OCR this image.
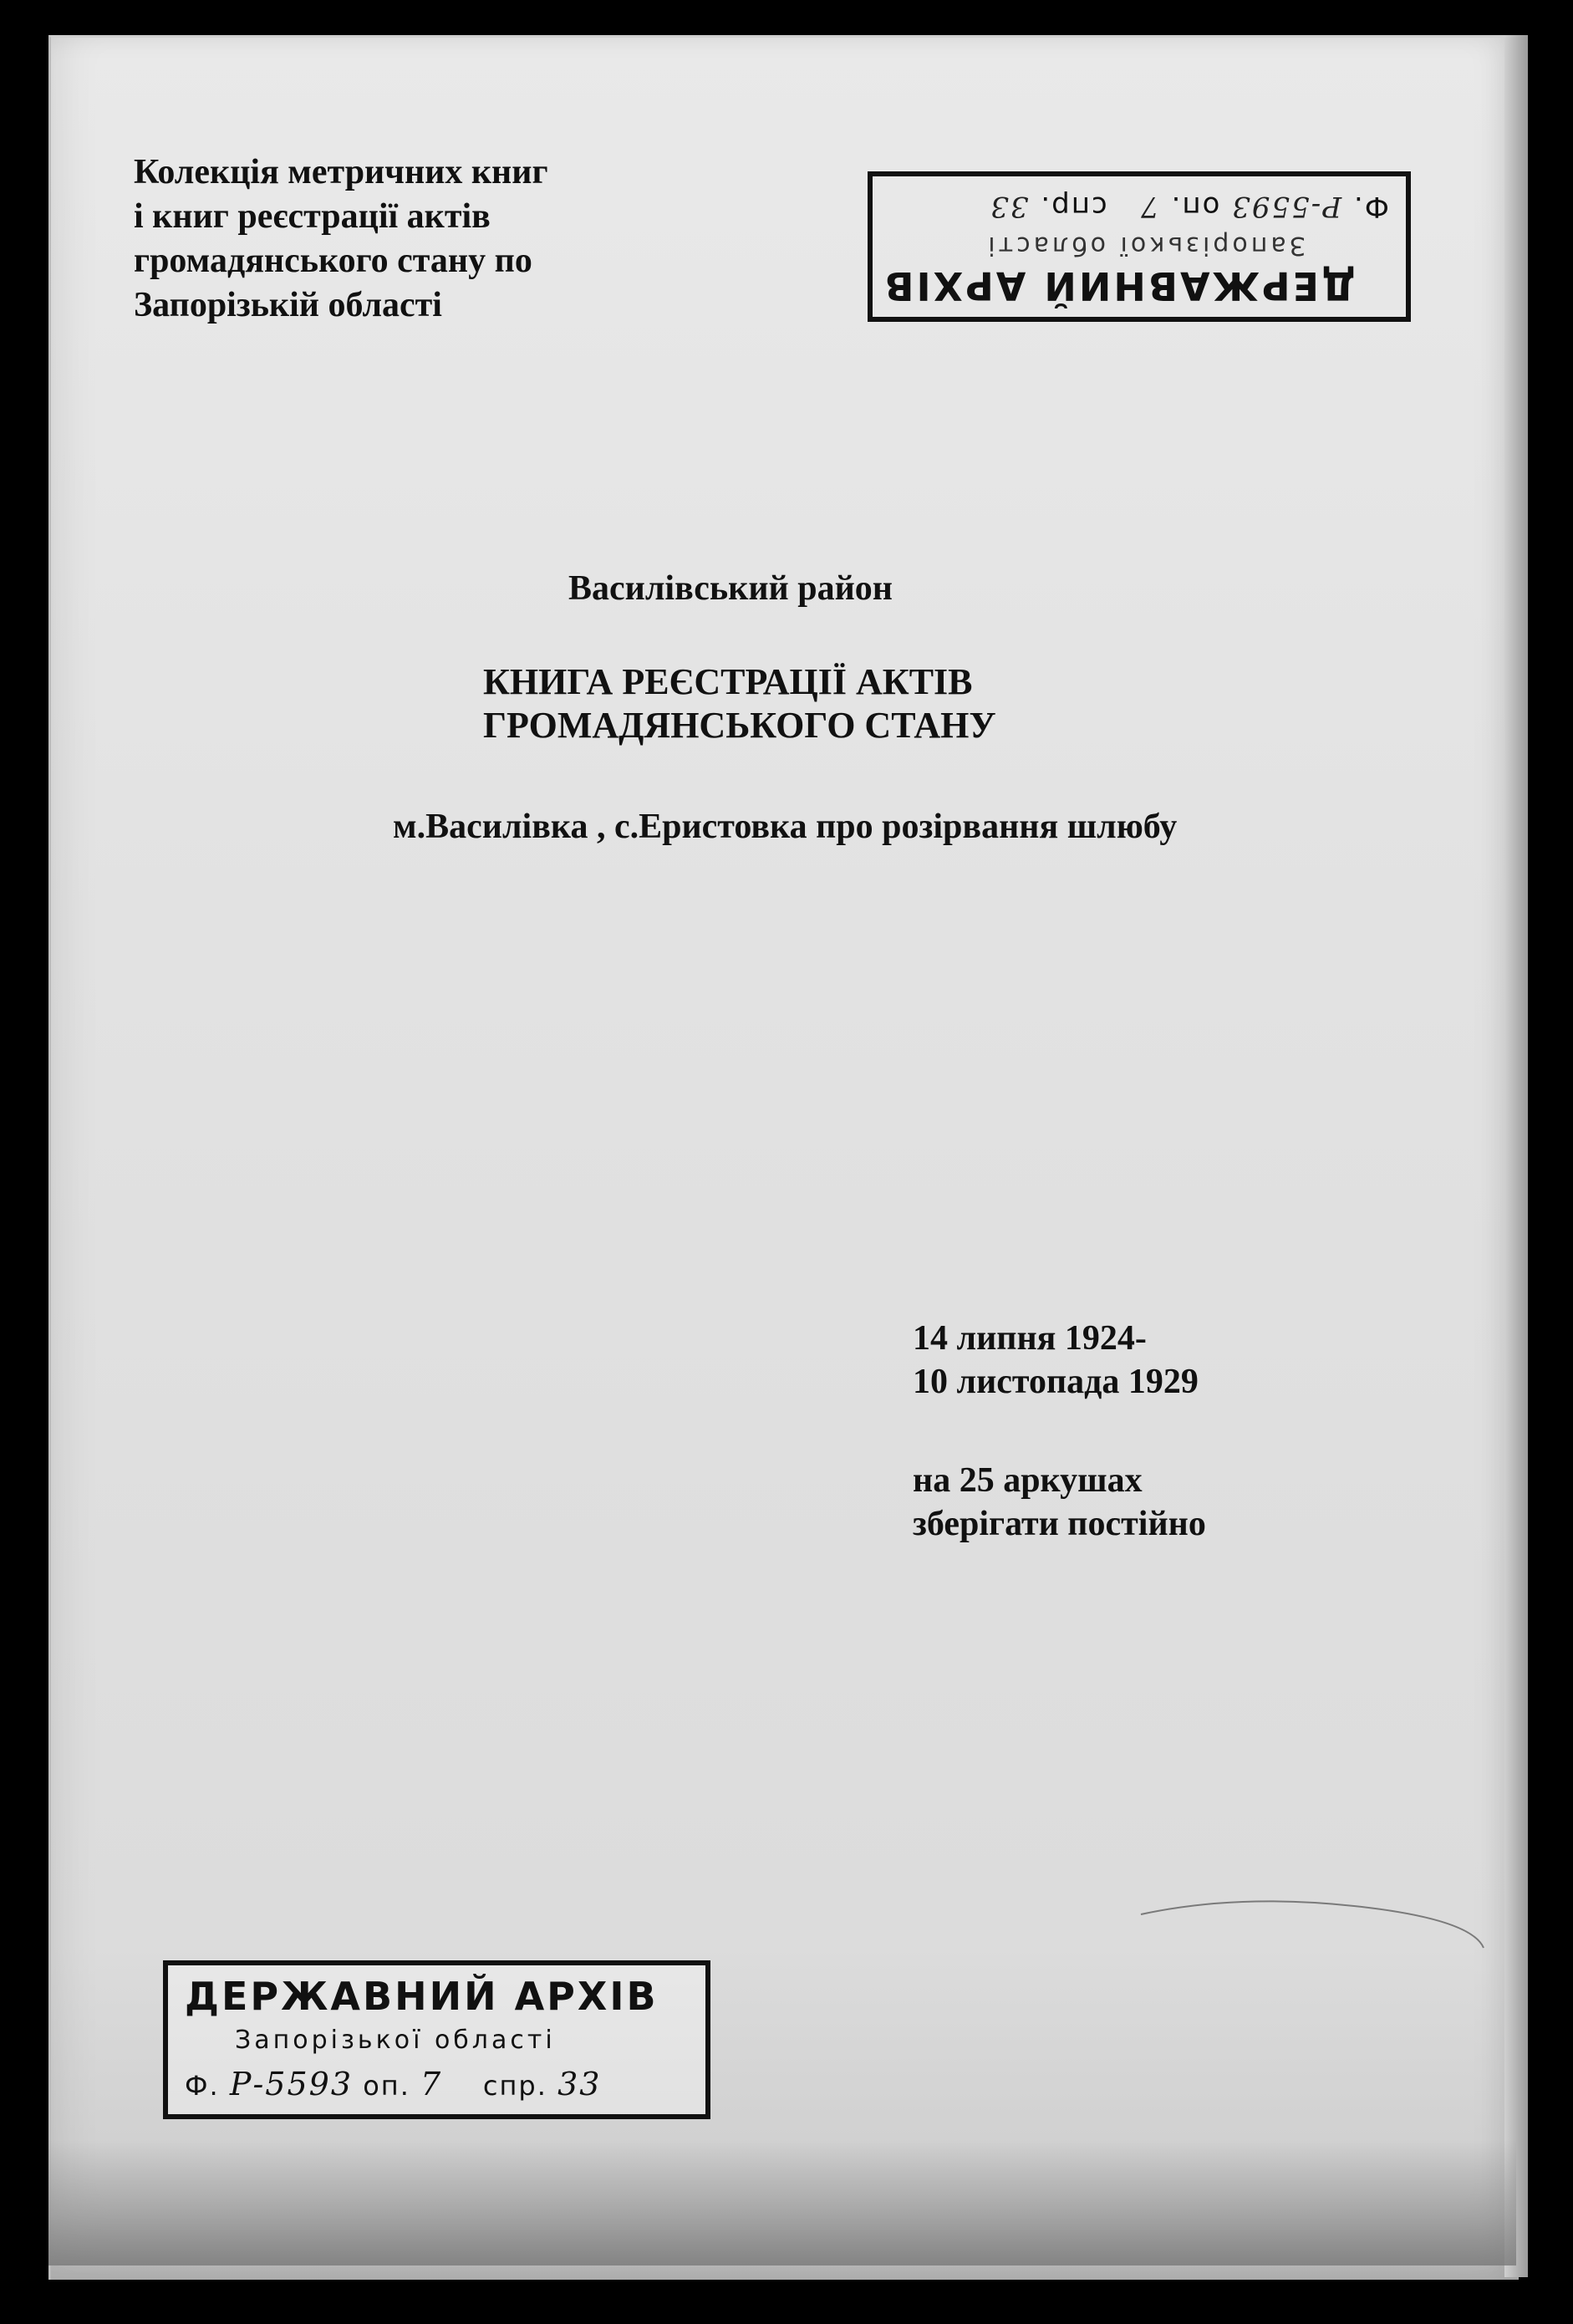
Колекція метричних книг
і книг реєстрації актів
громадянського стану по
Запорізькій області	ДЕРЖАВНИЙ АРХІВ
Запорізької області
Ф. Р-5593 оп. 7   спр. 33
Василівський район
КНИГА РЕЄСТРАЦІЇ АКТІВ
ГРОМАДЯНСЬКОГО СТАНУ
м.Василівка , с.Еристовка про розірвання шлюбу
14 липня 1924-
10 листопада 1929
на 25 аркушах
зберігати постійно
ДЕРЖАВНИЙ АРХІВ
Запорізької області
Ф. Р-5593 оп. 7 спр. 33
